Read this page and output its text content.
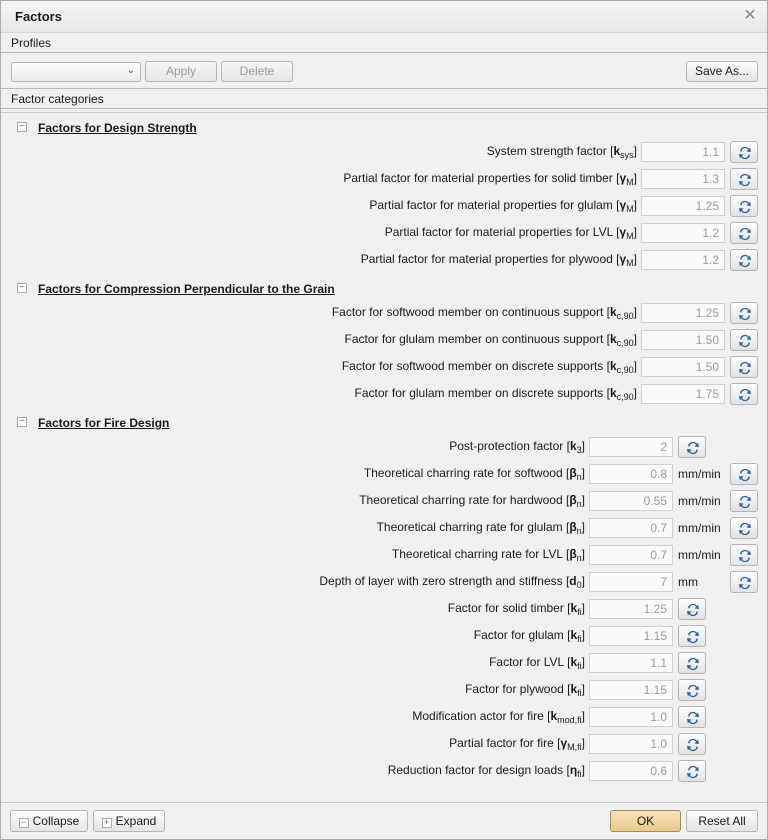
Factors	✕
Profiles
⌄	Apply	Delete	Save As...
Factor categories
− Factors for Design Strength
System strength factor $[k_{sys}]$	1.1
Partial factor for material properties for solid timber $[\gamma_M]$	1.3
Partial factor for material properties for glulam $[\gamma_M]$	1.25
Partial factor for material properties for LVL $[\gamma_M]$	1.2
Partial factor for material properties for plywood $[\gamma_M]$	1.2
− Factors for Compression Perpendicular to the Grain
Factor for softwood member on continuous support $[k_{c,90}]$	1.25
Factor for glulam member on continuous support $[k_{c,90}]$	1.50
Factor for softwood member on discrete supports $[k_{c,90}]$	1.50
Factor for glulam member on discrete supports $[k_{c,90}]$	1.75
− Factors for Fire Design
Post-protection factor $[k_3]$	2
Theoretical charring rate for softwood $[\beta_n]$	0.8 mm/min
Theoretical charring rate for hardwood $[\beta_n]$	0.55 mm/min
Theoretical charring rate for glulam $[\beta_n]$	0.7 mm/min
Theoretical charring rate for LVL $[\beta_n]$	0.7 mm/min
Depth of layer with zero strength and stiffness $[d_0]$	7 mm
Factor for solid timber $[k_{fi}]$	1.25
Factor for glulam $[k_{fi}]$	1.15
Factor for LVL $[k_{fi}]$	1.1
Factor for plywood $[k_{fi}]$	1.15
Modification actor for fire $[k_{mod,fi}]$	1.0
Partial factor for fire $[\gamma_{M,fi}]$	1.0
Reduction factor for design loads $[\eta_{fi}]$	0.6
− Collapse	+ Expand	OK	Reset All
